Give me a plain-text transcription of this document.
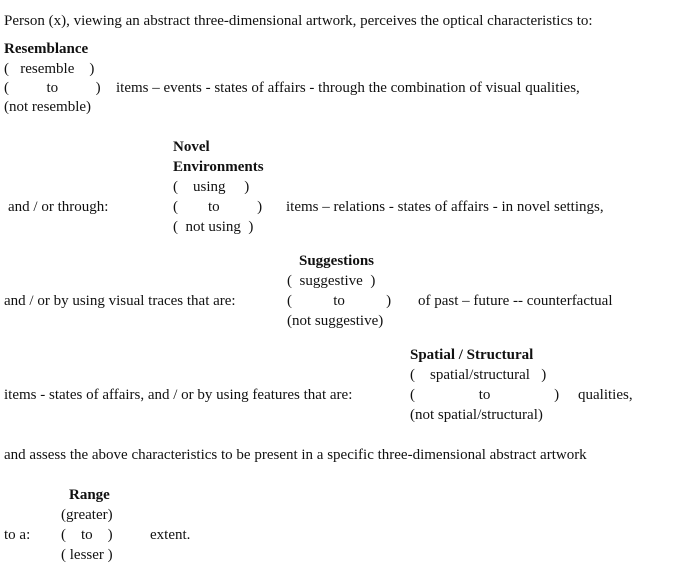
Person (x), viewing an abstract three-dimensional artwork, perceives the optical characteristics to:
Resemblance
(   resemble    )
(          to          ) items – events - states of affairs - through the combination of visual qualities,
(not resemble)
Novel
Environments
(    using     )
and / or through:	(        to          ) items – relations - states of affairs - in novel settings,
(  not using  )
Suggestions
(  suggestive  )
and / or by using visual traces that are:	(           to           ) of past – future -- counterfactual
(not suggestive)
Spatial / Structural
(    spatial/structural   )
items - states of affairs, and / or by using features that are:	(                 to                 ) qualities,
(not spatial/structural)
and assess the above characteristics to be present in a specific three-dimensional abstract artwork
Range
(greater)
to a: (    to    ) extent.
( lesser )
